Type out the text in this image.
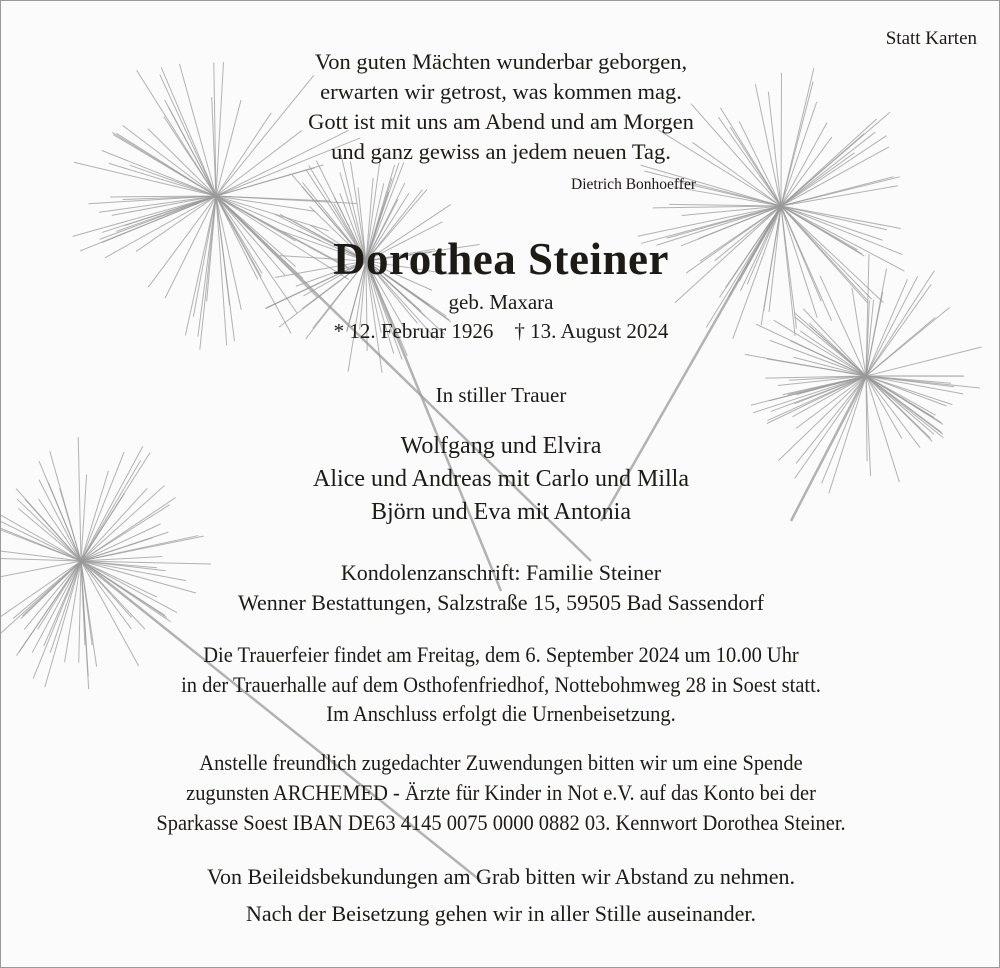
Statt Karten
Von guten Mächten wunderbar geborgen,
erwarten wir getrost, was kommen mag.
Gott ist mit uns am Abend und am Morgen
und ganz gewiss an jedem neuen Tag.
Dietrich Bonhoeffer
Dorothea Steiner
geb. Maxara
* 12. Februar 1926    † 13. August 2024
In stiller Trauer
Wolfgang und Elvira
Alice und Andreas mit Carlo und Milla
Björn und Eva mit Antonia
Kondolenzanschrift: Familie Steiner
Wenner Bestattungen, Salzstraße 15, 59505 Bad Sassendorf
Die Trauerfeier findet am Freitag, dem 6. September 2024 um 10.00 Uhr
in der Trauerhalle auf dem Osthofenfriedhof, Nottebohmweg 28 in Soest statt.
Im Anschluss erfolgt die Urnenbeisetzung.
Anstelle freundlich zugedachter Zuwendungen bitten wir um eine Spende
zugunsten ARCHEMED - Ärzte für Kinder in Not e.V. auf das Konto bei der
Sparkasse Soest IBAN DE63 4145 0075 0000 0882 03. Kennwort Dorothea Steiner.
Von Beileidsbekundungen am Grab bitten wir Abstand zu nehmen.
Nach der Beisetzung gehen wir in aller Stille auseinander.
